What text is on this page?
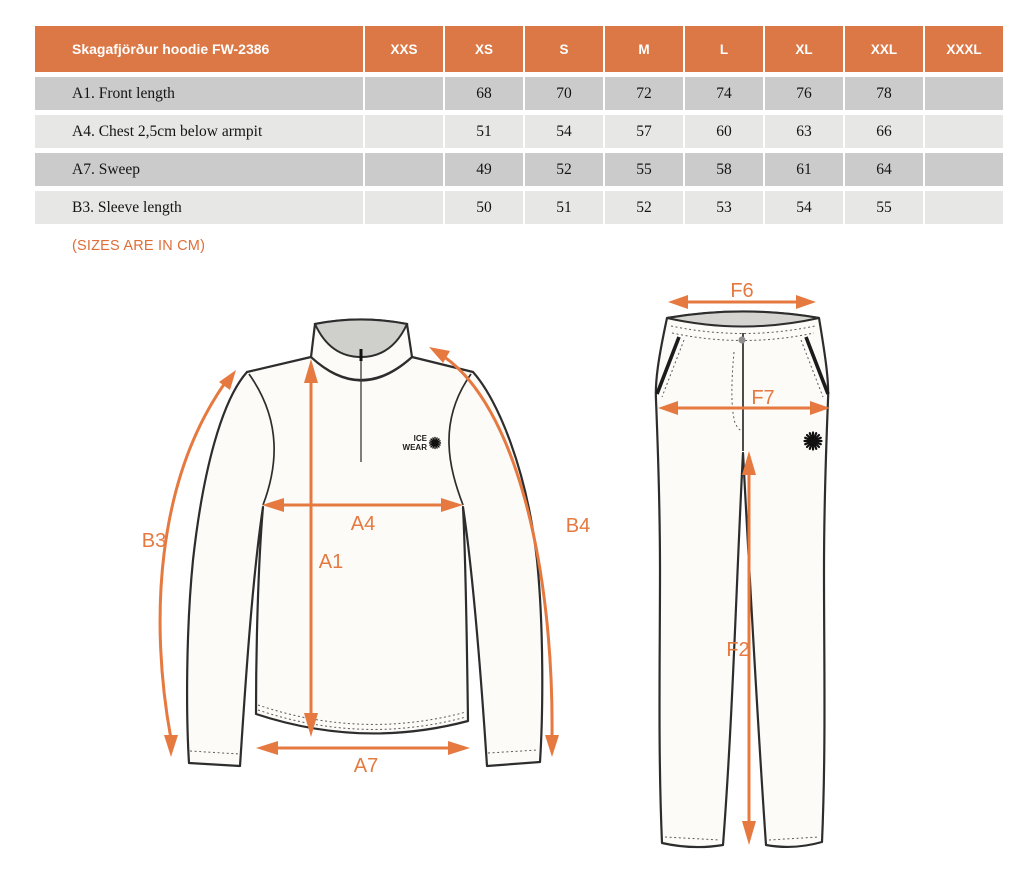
Skagafjörður hoodie FW-2386	XXS	XS	S	M	L	XL	XXL	XXXL
A1. Front length		68	70	72	74	76	78	
A4. Chest 2,5cm below armpit		51	54	57	60	63	66	
A7. Sweep		49	52	55	58	61	64	
B3. Sleeve length		50	51	52	53	54	55	
(SIZES ARE IN CM)
ICE
WEAR
A1
A4
A7
B3
B4
F6
F7
F2
